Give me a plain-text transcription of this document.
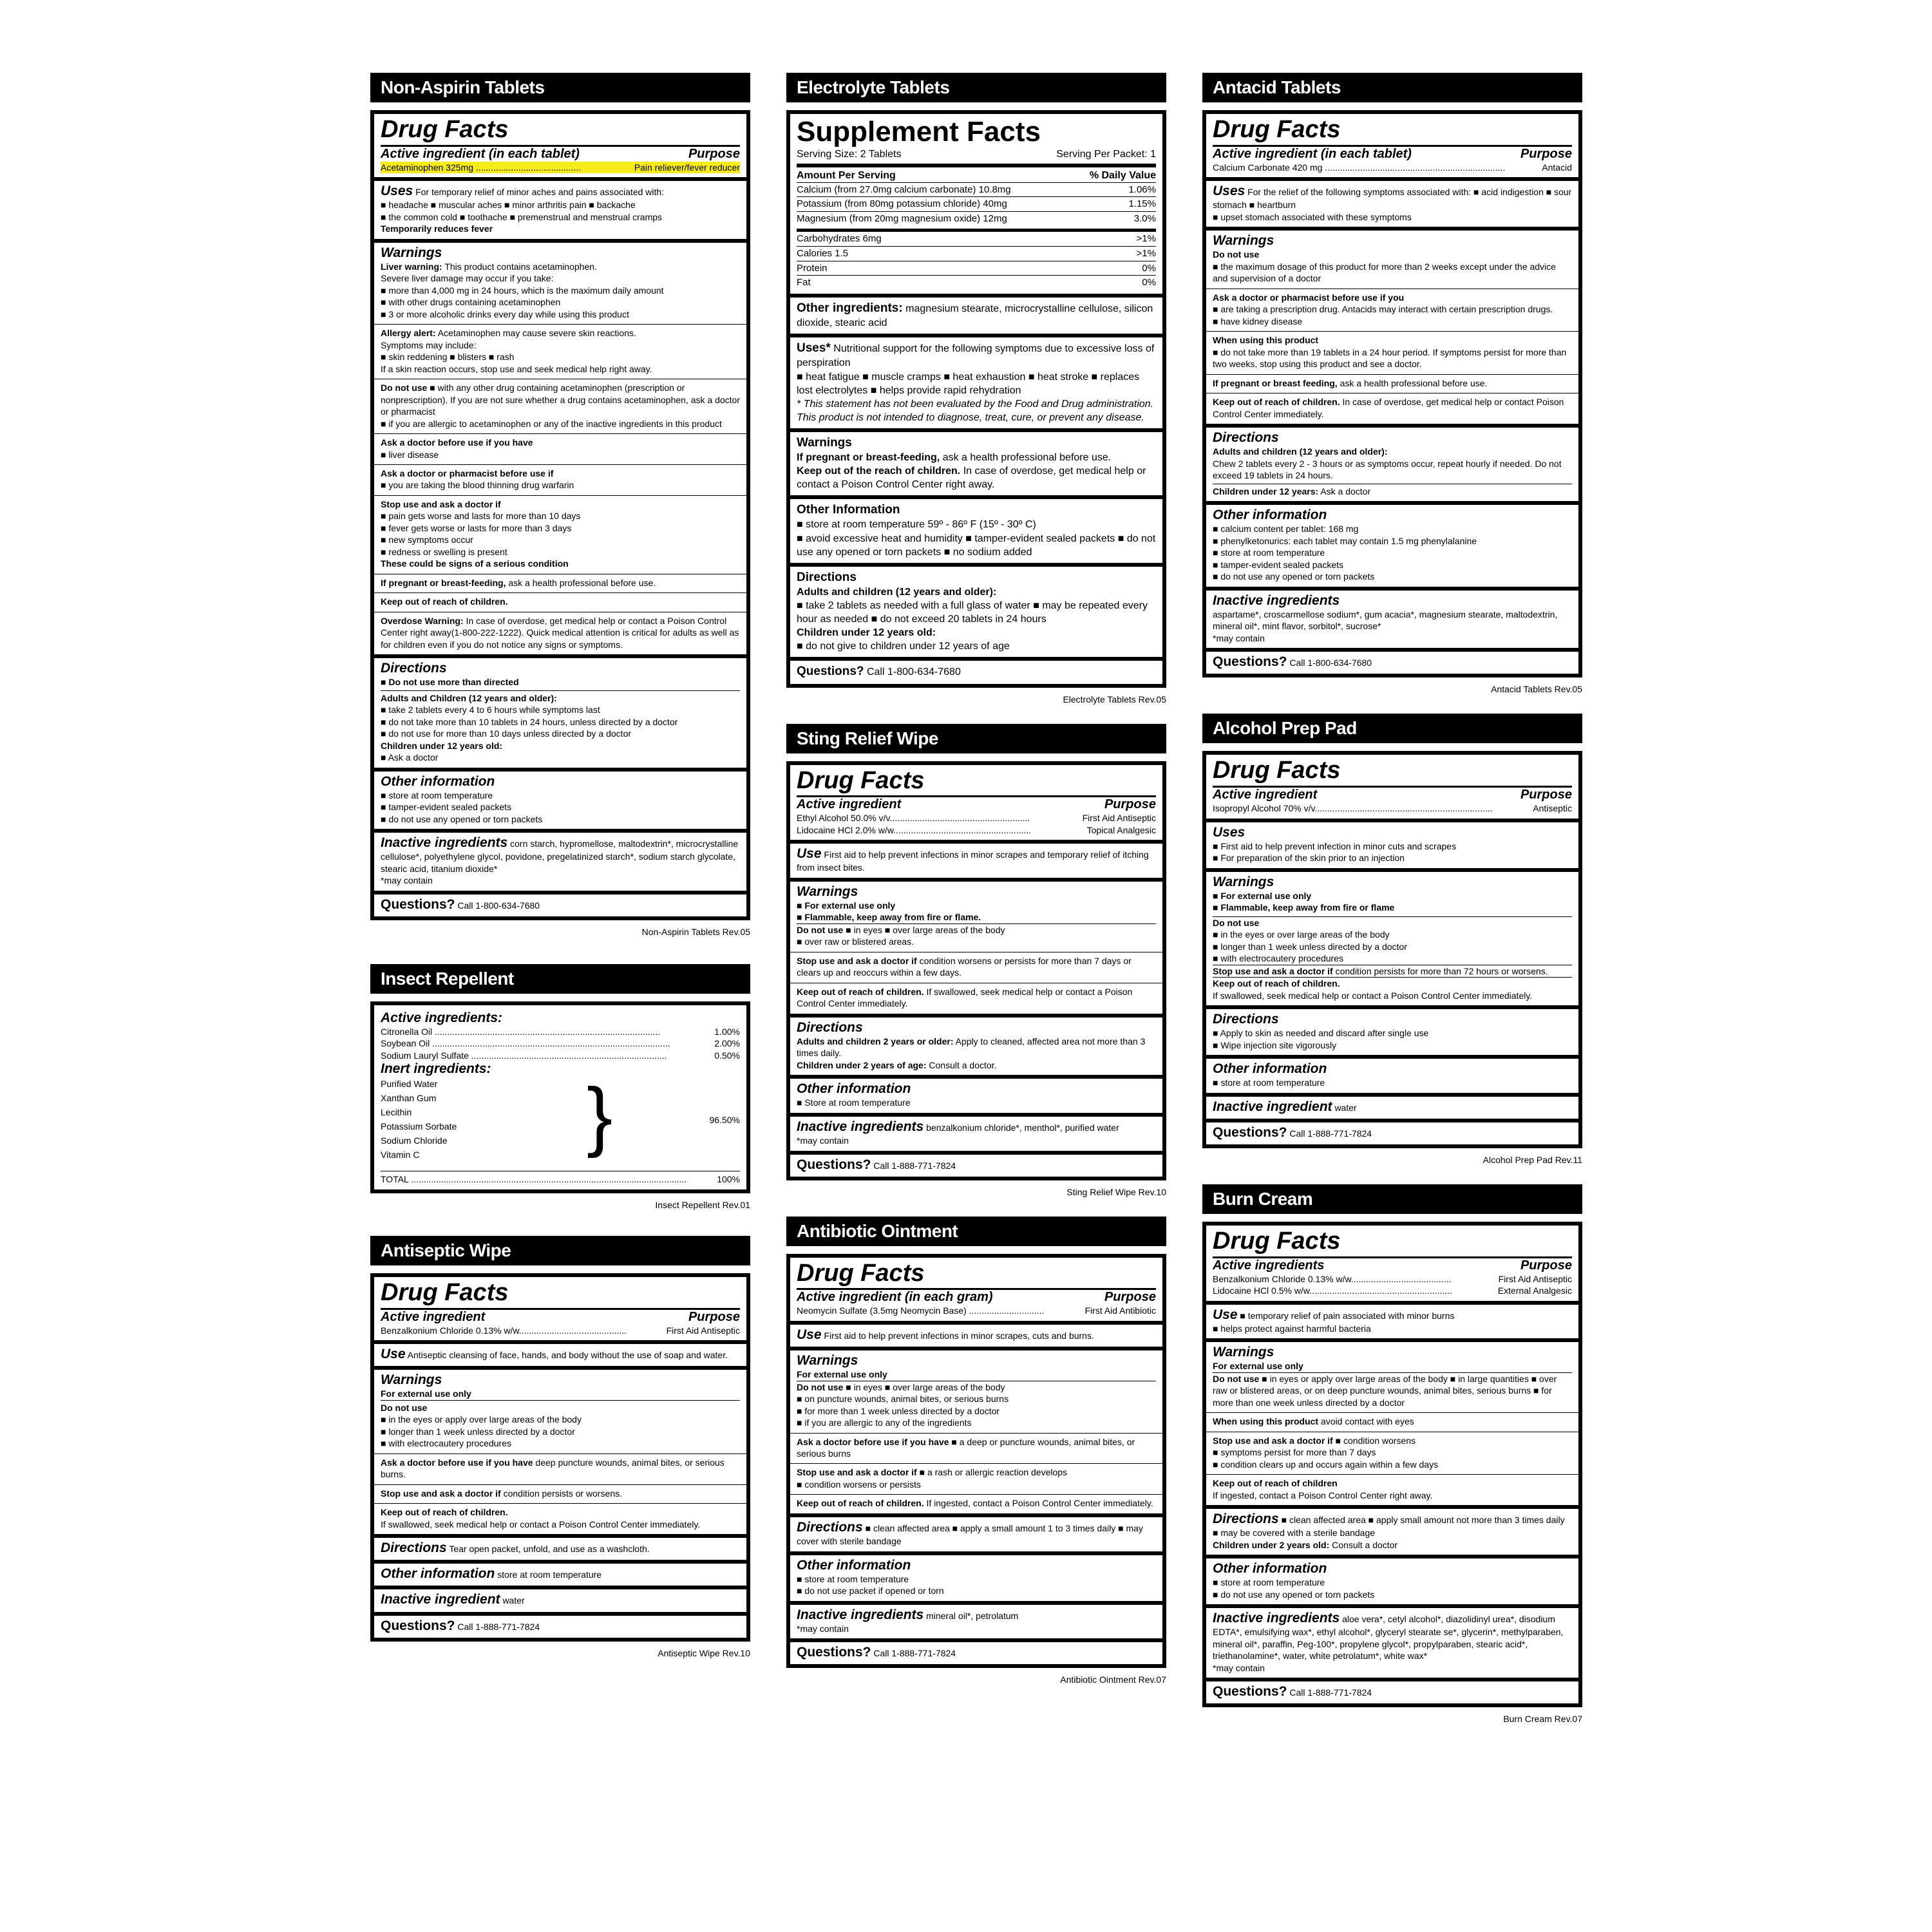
Non-Aspirin Tablets
Drug Facts
Active ingredient (in each tablet)	Purpose
Acetaminophen 325mg ..........................................	Pain reliever/fever reducer
Uses For temporary relief of minor aches and pains associated with:
■ headache ■ muscular aches ■ minor arthritis pain ■ backache
■ the common cold ■ toothache ■ premenstrual and menstrual cramps
Temporarily reduces fever
Warnings
Liver warning: This product contains acetaminophen.
Severe liver damage may occur if you take:
■ more than 4,000 mg in 24 hours, which is the maximum daily amount
■ with other drugs containing acetaminophen
■ 3 or more alcoholic drinks every day while using this product
Allergy alert: Acetaminophen may cause severe skin reactions.
Symptoms may include:
■ skin reddening ■ blisters ■ rash
If a skin reaction occurs, stop use and seek medical help right away.
Do not use ■ with any other drug containing acetaminophen (prescription or nonprescription). If you are not sure whether a drug contains acetaminophen, ask a doctor or pharmacist
■ if you are allergic to acetaminophen or any of the inactive ingredients in this product
Ask a doctor before use if you have
■ liver disease
Ask a doctor or pharmacist before use if
■ you are taking the blood thinning drug warfarin
Stop use and ask a doctor if
■ pain gets worse and lasts for more than 10 days
■ fever gets worse or lasts for more than 3 days
■ new symptoms occur
■ redness or swelling is present
These could be signs of a serious condition
If pregnant or breast-feeding, ask a health professional before use.
Keep out of reach of children.
Overdose Warning: In case of overdose, get medical help or contact a Poison Control Center right away(1-800-222-1222). Quick medical attention is critical for adults as well as for children even if you do not notice any signs or symptoms.
Directions
■ Do not use more than directed
Adults and Children (12 years and older):
■ take 2 tablets every 4 to 6 hours while symptoms last
■ do not take more than 10 tablets in 24 hours, unless directed by a doctor
■ do not use for more than 10 days unless directed by a doctor
Children under 12 years old:
■ Ask a doctor
Other information
■ store at room temperature
■ tamper-evident sealed packets
■ do not use any opened or torn packets
Inactive ingredients corn starch, hypromellose, maltodextrin*, microcrystalline cellulose*, polyethylene glycol, povidone, pregelatinized starch*, sodium starch glycolate, stearic acid, titanium dioxide*
*may contain
Questions? Call 1-800-634-7680
Non-Aspirin Tablets Rev.05
Insect Repellent
Active ingredients:
Citronella Oil ..........................................................................................	1.00%
Soybean Oil ...............................................................................................	2.00%
Sodium Lauryl Sulfate ..............................................................................	0.50%
Inert ingredients:
Purified Water
Xanthan Gum
Lecithin
Potassium Sorbate
Sodium Chloride
Vitamin C	}	96.50%
TOTAL ..............................................................................................................	100%
Insect Repellent Rev.01
Antiseptic Wipe
Drug Facts
Active ingredient	Purpose
Benzalkonium Chloride 0.13% w/w...........................................	First Aid Antiseptic
Use Antiseptic cleansing of face, hands, and body without the use of soap and water.
Warnings
For external use only
Do not use
■ in the eyes or apply over large areas of the body
■ longer than 1 week unless directed by a doctor
■ with electrocautery procedures
Ask a doctor before use if you have deep puncture wounds, animal bites, or serious burns.
Stop use and ask a doctor if condition persists or worsens.
Keep out of reach of children.
If swallowed, seek medical help or contact a Poison Control Center immediately.
Directions Tear open packet, unfold, and use as a washcloth.
Other information store at room temperature
Inactive ingredient water
Questions? Call 1-888-771-7824
Antiseptic Wipe Rev.10
Electrolyte Tablets
Supplement Facts
Serving Size: 2 Tablets	Serving Per Packet: 1
Amount Per Serving	% Daily Value
Calcium (from 27.0mg calcium carbonate) 10.8mg	1.06%
Potassium (from 80mg potassium chloride) 40mg	1.15%
Magnesium (from 20mg magnesium oxide) 12mg	3.0%
Carbohydrates 6mg	>1%
Calories 1.5	>1%
Protein	0%
Fat	0%
Other ingredients: magnesium stearate, microcrystalline cellulose, silicon dioxide, stearic acid
Uses* Nutritional support for the following symptoms due to excessive loss of perspiration
■ heat fatigue ■ muscle cramps ■ heat exhaustion ■ heat stroke ■ replaces lost electrolytes ■ helps provide rapid rehydration
* This statement has not been evaluated by the Food and Drug administration. This product is not intended to diagnose, treat, cure, or prevent any disease.
Warnings
If pregnant or breast-feeding, ask a health professional before use.
Keep out of the reach of children. In case of overdose, get medical help or contact a Poison Control Center right away.
Other Information
■ store at room temperature 59º - 86º F (15º - 30º C)
■ avoid excessive heat and humidity ■ tamper-evident sealed packets ■ do not use any opened or torn packets ■ no sodium added
Directions
Adults and children (12 years and older):
■ take 2 tablets as needed with a full glass of water ■ may be repeated every hour as needed ■ do not exceed 20 tablets in 24 hours
Children under 12 years old:
■ do not give to children under 12 years of age
Questions? Call 1-800-634-7680
Electrolyte Tablets Rev.05
Sting Relief Wipe
Drug Facts
Active ingredient	Purpose
Ethyl Alcohol 50.0% v/v........................................................	First Aid Antiseptic
Lidocaine HCl 2.0% w/w.......................................................	Topical Analgesic
Use First aid to help prevent infections in minor scrapes and temporary relief of itching from insect bites.
Warnings
■ For external use only
■ Flammable, keep away from fire or flame.
Do not use ■ in eyes ■ over large areas of the body
■ over raw or blistered areas.
Stop use and ask a doctor if condition worsens or persists for more than 7 days or clears up and reoccurs within a few days.
Keep out of reach of children. If swallowed, seek medical help or contact a Poison Control Center immediately.
Directions
Adults and children 2 years or older: Apply to cleaned, affected area not more than 3 times daily.
Children under 2 years of age: Consult a doctor.
Other information
■ Store at room temperature
Inactive ingredients benzalkonium chloride*, menthol*, purified water
*may contain
Questions? Call 1-888-771-7824
Sting Relief Wipe Rev.10
Antibiotic Ointment
Drug Facts
Active ingredient (in each gram)	Purpose
Neomycin Sulfate (3.5mg Neomycin Base) ..............................	First Aid Antibiotic
Use First aid to help prevent infections in minor scrapes, cuts and burns.
Warnings
For external use only
Do not use ■ in eyes ■ over large areas of the body
■ on puncture wounds, animal bites, or serious burns
■ for more than 1 week unless directed by a doctor
■ if you are allergic to any of the ingredients
Ask a doctor before use if you have ■ a deep or puncture wounds, animal bites, or serious burns
Stop use and ask a doctor if ■ a rash or allergic reaction develops
■ condition worsens or persists
Keep out of reach of children. If ingested, contact a Poison Control Center immediately.
Directions ■ clean affected area ■ apply a small amount 1 to 3 times daily ■ may cover with sterile bandage
Other information
■ store at room temperature
■ do not use packet if opened or torn
Inactive ingredients mineral oil*, petrolatum
*may contain
Questions? Call 1-888-771-7824
Antibiotic Ointment Rev.07
Antacid Tablets
Drug Facts
Active ingredient (in each tablet)	Purpose
Calcium Carbonate 420 mg ........................................................................	Antacid
Uses For the relief of the following symptoms associated with: ■ acid indigestion ■ sour stomach ■ heartburn
■ upset stomach associated with these symptoms
Warnings
Do not use
■ the maximum dosage of this product for more than 2 weeks except under the advice and supervision of a doctor
Ask a doctor or pharmacist before use if you
■ are taking a prescription drug. Antacids may interact with certain prescription drugs.
■ have kidney disease
When using this product
■ do not take more than 19 tablets in a 24 hour period. If symptoms persist for more than two weeks, stop using this product and see a doctor.
If pregnant or breast feeding, ask a health professional before use.
Keep out of reach of children. In case of overdose, get medical help or contact Poison Control Center immediately.
Directions
Adults and children (12 years and older):
Chew 2 tablets every 2 - 3 hours or as symptoms occur, repeat hourly if needed. Do not exceed 19 tablets in 24 hours.
Children under 12 years: Ask a doctor
Other information
■ calcium content per tablet: 168 mg
■ phenylketonurics: each tablet may contain 1.5 mg phenylalanine
■ store at room temperature
■ tamper-evident sealed packets
■ do not use any opened or torn packets
Inactive ingredients
aspartame*, croscarmellose sodium*, gum acacia*, magnesium stearate, maltodextrin, mineral oil*, mint flavor, sorbitol*, sucrose*
*may contain
Questions? Call 1-800-634-7680
Antacid Tablets Rev.05
Alcohol Prep Pad
Drug Facts
Active ingredient	Purpose
Isopropyl Alcohol 70% v/v.......................................................................	Antiseptic
Uses
■ First aid to help prevent infection in minor cuts and scrapes
■ For preparation of the skin prior to an injection
Warnings
■ For external use only
■ Flammable, keep away from fire or flame
Do not use
■ in the eyes or over large areas of the body
■ longer than 1 week unless directed by a doctor
■ with electrocautery procedures
Stop use and ask a doctor if condition persists for more than 72 hours or worsens.
Keep out of reach of children.
If swallowed, seek medical help or contact a Poison Control Center immediately.
Directions
■ Apply to skin as needed and discard after single use
■ Wipe injection site vigorously
Other information
■ store at room temperature
Inactive ingredient water
Questions? Call 1-888-771-7824
Alcohol Prep Pad Rev.11
Burn Cream
Drug Facts
Active ingredients	Purpose
Benzalkonium Chloride 0.13% w/w........................................	First Aid Antiseptic
Lidocaine HCl 0.5% w/w.........................................................	External Analgesic
Use ■ temporary relief of pain associated with minor burns
■ helps protect against harmful bacteria
Warnings
For external use only
Do not use ■ in eyes or apply over large areas of the body ■ in large quantities ■ over raw or blistered areas, or on deep puncture wounds, animal bites, serious burns ■ for more than one week unless directed by a doctor
When using this product avoid contact with eyes
Stop use and ask a doctor if ■ condition worsens
■ symptoms persist for more than 7 days
■ condition clears up and occurs again within a few days
Keep out of reach of children
If ingested, contact a Poison Control Center right away.
Directions ■ clean affected area ■ apply small amount not more than 3 times daily ■ may be covered with a sterile bandage
Children under 2 years old: Consult a doctor
Other information
■ store at room temperature
■ do not use any opened or torn packets
Inactive ingredients aloe vera*, cetyl alcohol*, diazolidinyl urea*, disodium EDTA*, emulsifying wax*, ethyl alcohol*, glyceryl stearate se*, glycerin*, methylparaben, mineral oil*, paraffin, Peg-100*, propylene glycol*, propylparaben, stearic acid*, triethanolamine*, water, white petrolatum*, white wax*
*may contain
Questions? Call 1-888-771-7824
Burn Cream Rev.07
